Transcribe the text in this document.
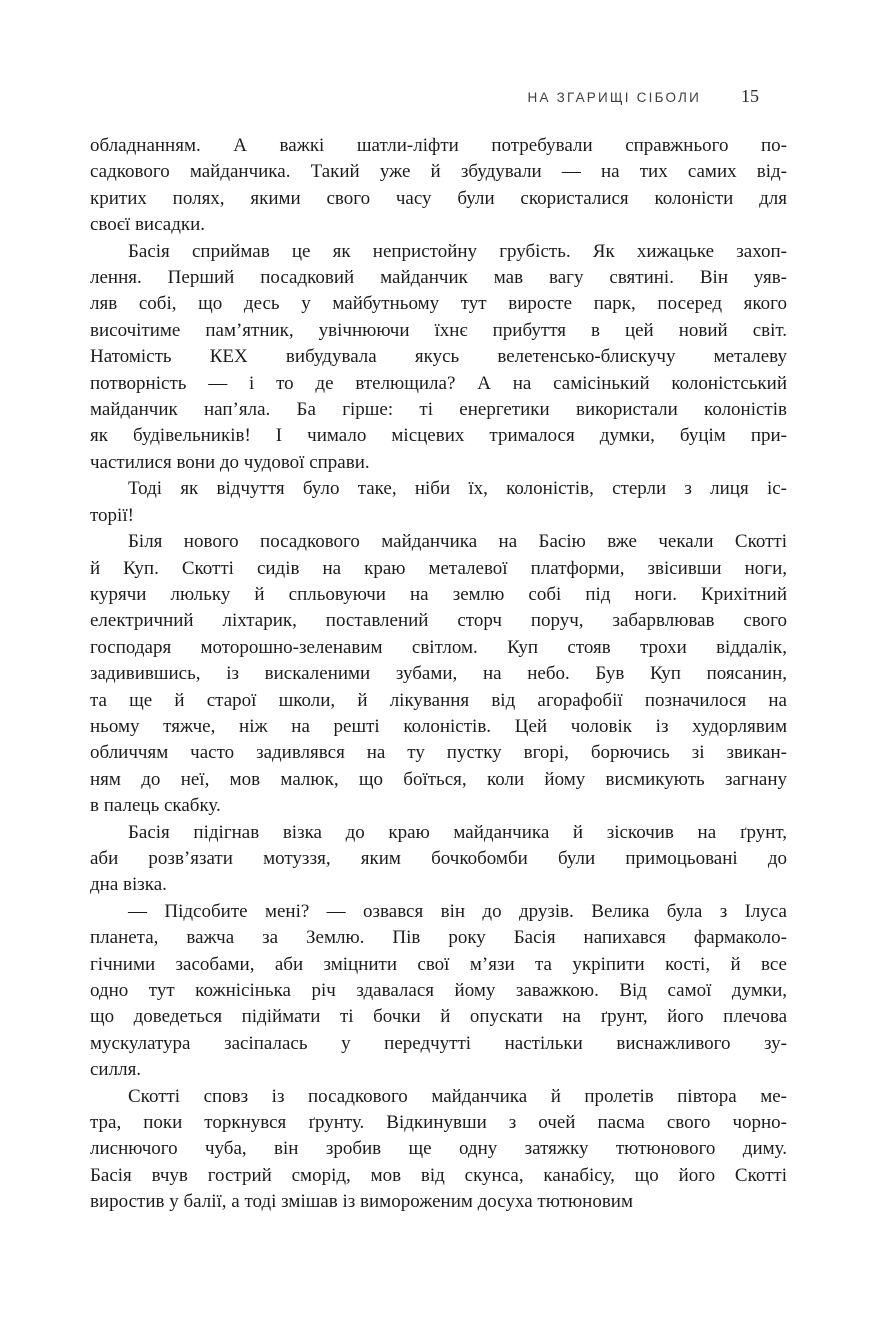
НА ЗГАРИЩІ СІБОЛИ 15

обладнанням. А важкі шатли-ліфти потребували справжнього по-
садкового майданчика. Такий уже й збудували — на тих самих від-
критих полях, якими свого часу були скористалися колоністи для
своєї висадки.

Басія сприймав це як непристойну грубість. Як хижацьке захоп-
лення. Перший посадковий майданчик мав вагу святині. Він уяв-
ляв собі, що десь у майбутньому тут виросте парк, посеред якого
височітиме пам’ятник, увічнюючи їхнє прибуття в цей новий світ.
Натомість КЕХ вибудувала якусь велетенсько-блискучу металеву
потворність — і то де втелющила? А на самісінький колоністський
майданчик нап’яла. Ба гірше: ті енергетики використали колоністів
як будівельників! І чимало місцевих трималося думки, буцім при-
частилися вони до чудової справи.

Тоді як відчуття було таке, ніби їх, колоністів, стерли з лиця іс-
торії!

Біля нового посадкового майданчика на Басію вже чекали Скотті
й Куп. Скотті сидів на краю металевої платформи, звісивши ноги,
курячи люльку й спльовуючи на землю собі під ноги. Крихітний
електричний ліхтарик, поставлений сторч поруч, забарвлював свого
господаря моторошно-зеленавим світлом. Куп стояв трохи віддалік,
задивившись, із вискаленими зубами, на небо. Був Куп поясанин,
та ще й старої школи, й лікування від агорафобії позначилося на
ньому тяжче, ніж на решті колоністів. Цей чоловік із худорлявим
обличчям часто задивлявся на ту пустку вгорі, борючись зі звикан-
ням до неї, мов малюк, що боїться, коли йому висмикують загнану
в палець скабку.

Басія підігнав візка до краю майданчика й зіскочив на ґрунт,
аби розв’язати мотуззя, яким бочкобомби були примоцьовані до
дна візка.

— Підсобите мені? — озвався він до друзів. Велика була з Ілуса
планета, важча за Землю. Пів року Басія напихався фармаколо-
гічними засобами, аби зміцнити свої м’язи та укріпити кості, й все
одно тут кожнісінька річ здавалася йому заважкою. Від самої думки,
що доведеться підіймати ті бочки й опускати на ґрунт, його плечова
мускулатура засіпалась у передчутті настільки виснажливого зу-
силля.

Скотті сповз із посадкового майданчика й пролетів півтора ме-
тра, поки торкнувся ґрунту. Відкинувши з очей пасма свого чорно-
лиснючого чуба, він зробив ще одну затяжку тютюнового диму.
Басія вчув гострий сморід, мов від скунса, канабісу, що його Скотті
виростив у балії, а тоді змішав із вимороженим досуха тютюновим
